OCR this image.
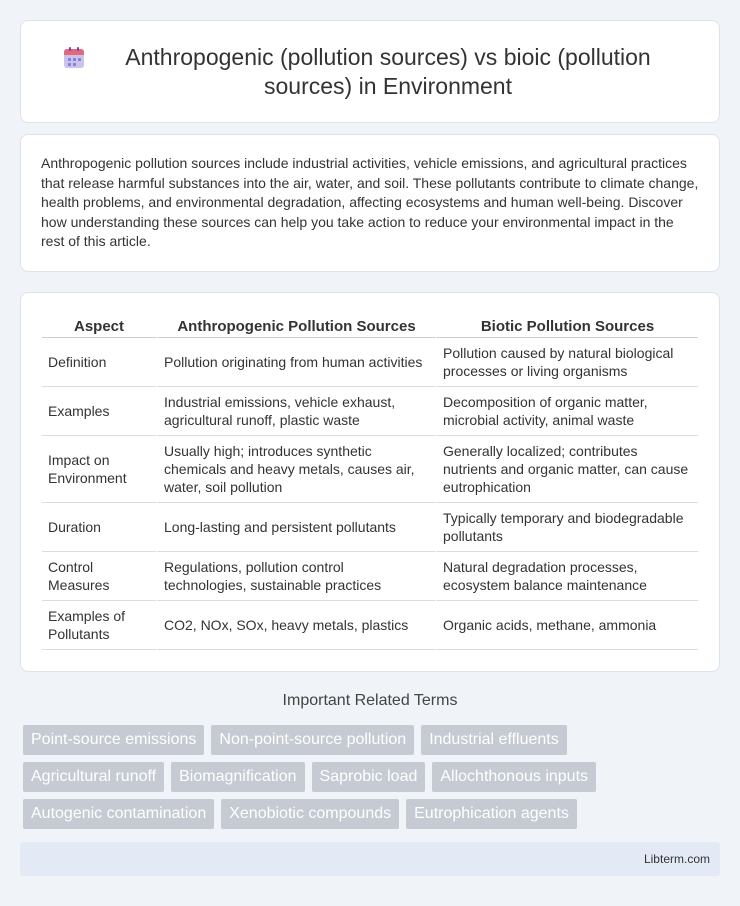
Anthropogenic (pollution sources) vs bioic (pollution sources) in Environment

Anthropogenic pollution sources include industrial activities, vehicle emissions, and agricultural practices that release harmful substances into the air, water, and soil. These pollutants contribute to climate change, health problems, and environmental degradation, affecting ecosystems and human well-being. Discover how understanding these sources can help you take action to reduce your environmental impact in the rest of this article.

Aspect	Anthropogenic Pollution Sources	Biotic Pollution Sources
Definition	Pollution originating from human activities	Pollution caused by natural biological processes or living organisms
Examples	Industrial emissions, vehicle exhaust, agricultural runoff, plastic waste	Decomposition of organic matter, microbial activity, animal waste
Impact on Environment	Usually high; introduces synthetic chemicals and heavy metals, causes air, water, soil pollution	Generally localized; contributes nutrients and organic matter, can cause eutrophication
Duration	Long-lasting and persistent pollutants	Typically temporary and biodegradable pollutants
Control Measures	Regulations, pollution control technologies, sustainable practices	Natural degradation processes, ecosystem balance maintenance
Examples of Pollutants	CO2, NOx, SOx, heavy metals, plastics	Organic acids, methane, ammonia
Important Related Terms
Point-source emissions	Non-point-source pollution	Industrial effluents
Agricultural runoff	Biomagnification	Saprobic load	Allochthonous inputs
Autogenic contamination	Xenobiotic compounds	Eutrophication agents
Libterm.com
